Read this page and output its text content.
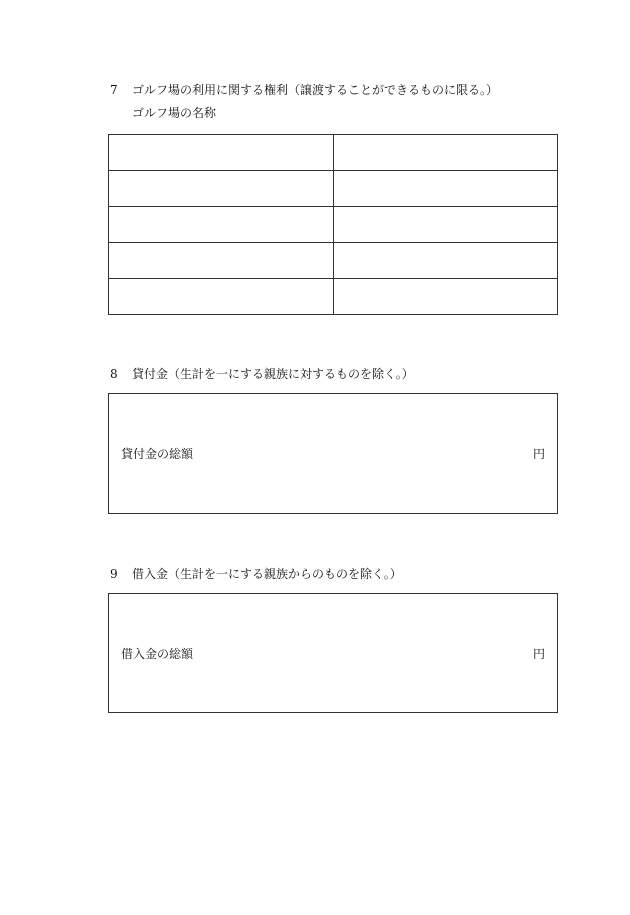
7 ゴルフ場の利用に関する権利（譲渡することができるものに限る。）
ゴルフ場の名称

8 貸付金（生計を一にする親族に対するものを除く。）
貸付金の総額	円
9 借入金（生計を一にする親族からのものを除く。）
借入金の総額	円
